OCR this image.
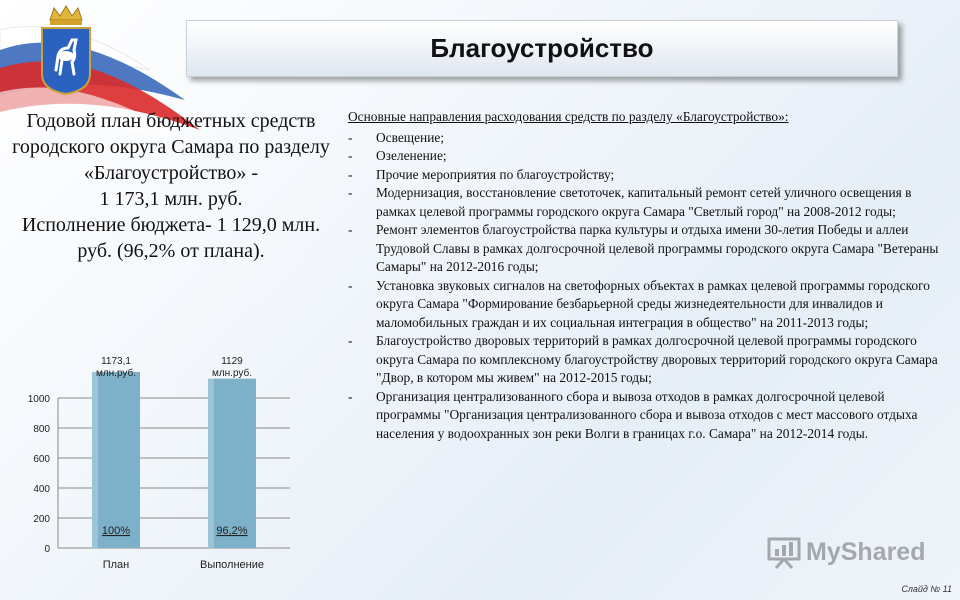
Благоустройство
Годовой план бюджетных средств городского округа Самара по разделу «Благоустройство» -
1 173,1 млн. руб.
Исполнение бюджета- 1 129,0 млн. руб. (96,2% от плана).
0
200
400
600
800
1000
1173,1
млн.руб.
100%
План
1129
млн.руб.
96,2%
Выполнение
Основные направления расходования средств по разделу «Благоустройство»:
- Освещение;
- Озеленение;
- Прочие мероприятия по благоустройству;
- Модернизация, восстановление светоточек, капитальный ремонт сетей уличного освещения в рамках целевой программы городского округа Самара "Светлый город" на 2008-2012 годы;
- Ремонт элементов благоустройства парка культуры и отдыха имени 30-летия Победы и аллеи Трудовой Славы в рамках долгосрочной целевой программы городского округа Самара "Ветераны Самары" на 2012-2016 годы;
- Установка звуковых сигналов на светофорных объектах в рамках целевой программы городского округа Самара "Формирование безбарьерной среды жизнедеятельности для инвалидов и маломобильных граждан и их социальная интеграция в общество" на 2011-2013 годы;
- Благоустройство дворовых территорий в рамках долгосрочной целевой программы городского округа Самара по комплексному благоустройству дворовых территорий городского округа Самара "Двор, в котором мы живем" на 2012-2015 годы;
- Организация централизованного сбора и вывоза отходов в рамках долгосрочной целевой программы "Организация централизованного сбора и вывоза отходов с мест массового отдыха населения у водоохранных зон реки Волги в границах г.о. Самара" на 2012-2014 годы.
MyShared
Слайд № 11
